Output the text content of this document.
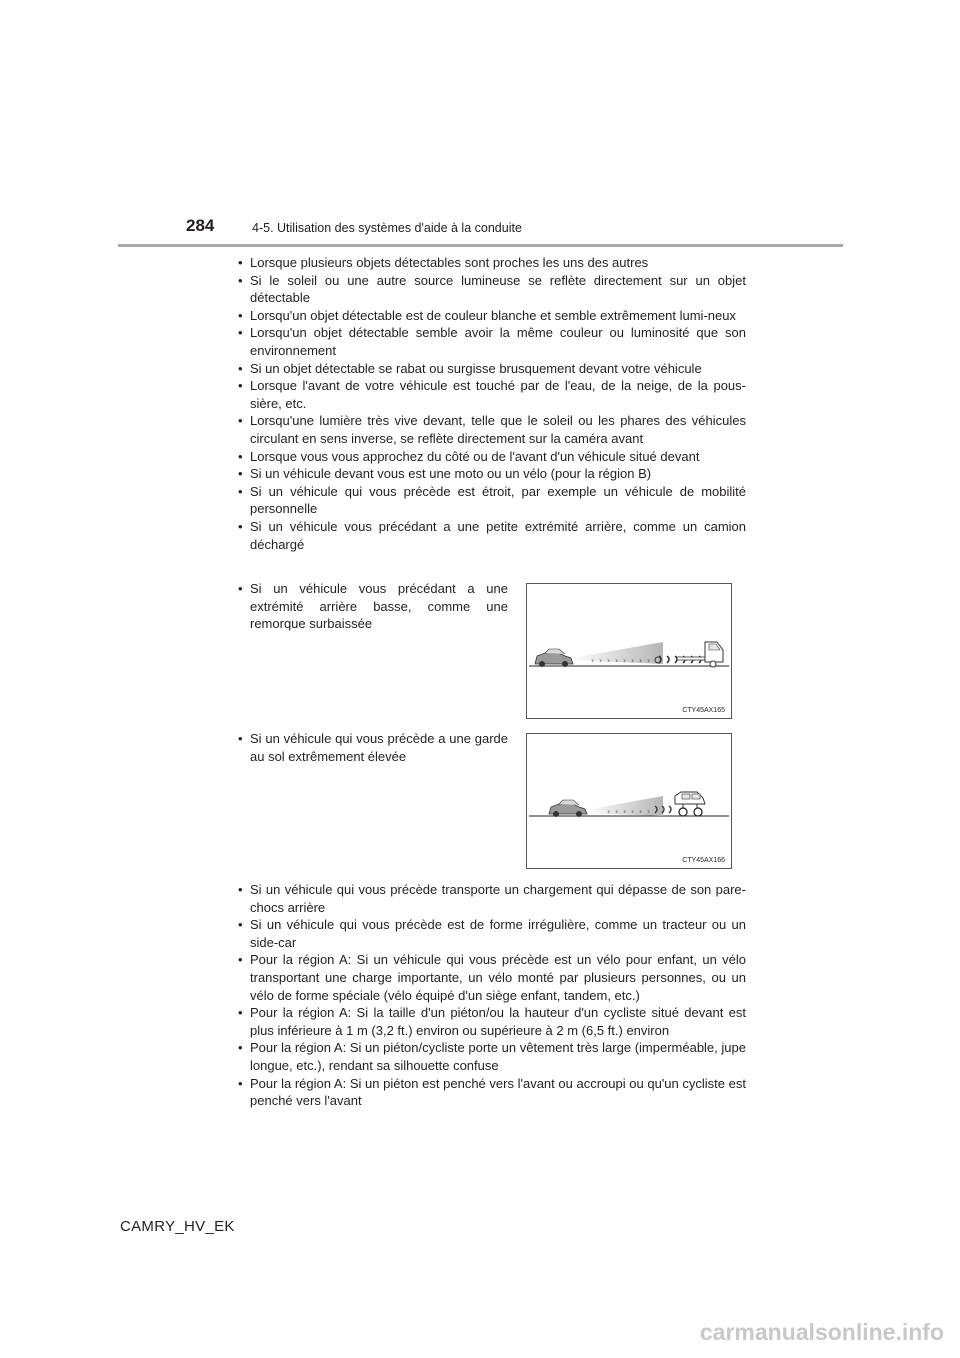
284	4-5. Utilisation des systèmes d'aide à la conduite
• Lorsque plusieurs objets détectables sont proches les uns des autres
• Si le soleil ou une autre source lumineuse se reflète directement sur un objet détectable
• Lorsqu'un objet détectable est de couleur blanche et semble extrêmement lumi-neux
• Lorsqu'un objet détectable semble avoir la même couleur ou luminosité que son environnement
• Si un objet détectable se rabat ou surgisse brusquement devant votre véhicule
• Lorsque l'avant de votre véhicule est touché par de l'eau, de la neige, de la pous-sière, etc.
• Lorsqu'une lumière très vive devant, telle que le soleil ou les phares des véhicules circulant en sens inverse, se reflète directement sur la caméra avant
• Lorsque vous vous approchez du côté ou de l'avant d'un véhicule situé devant
• Si un véhicule devant vous est une moto ou un vélo (pour la région B)
• Si un véhicule qui vous précède est étroit, par exemple un véhicule de mobilité personnelle
• Si un véhicule vous précédant a une petite extrémité arrière, comme un camion déchargé
• Si un véhicule vous précédant a une extrémité arrière basse, comme une remorque surbaissée
› › › › › › › ›
CTY45AX165
• Si un véhicule qui vous précède a une garde au sol extrêmement élevée
› › › › › ›
CTY45AX166
• Si un véhicule qui vous précède transporte un chargement qui dépasse de son pare-chocs arrière
• Si un véhicule qui vous précède est de forme irrégulière, comme un tracteur ou un side-car
• Pour la région A: Si un véhicule qui vous précède est un vélo pour enfant, un vélo transportant une charge importante, un vélo monté par plusieurs personnes, ou un vélo de forme spéciale (vélo équipé d'un siège enfant, tandem, etc.)
• Pour la région A: Si la taille d'un piéton/ou la hauteur d'un cycliste situé devant est plus inférieure à 1 m (3,2 ft.) environ ou supérieure à 2 m (6,5 ft.) environ
• Pour la région A: Si un piéton/cycliste porte un vêtement très large (imperméable, jupe longue, etc.), rendant sa silhouette confuse
• Pour la région A: Si un piéton est penché vers l'avant ou accroupi ou qu'un cycliste est penché vers l'avant
CAMRY_HV_EK
carmanualsonline.info
